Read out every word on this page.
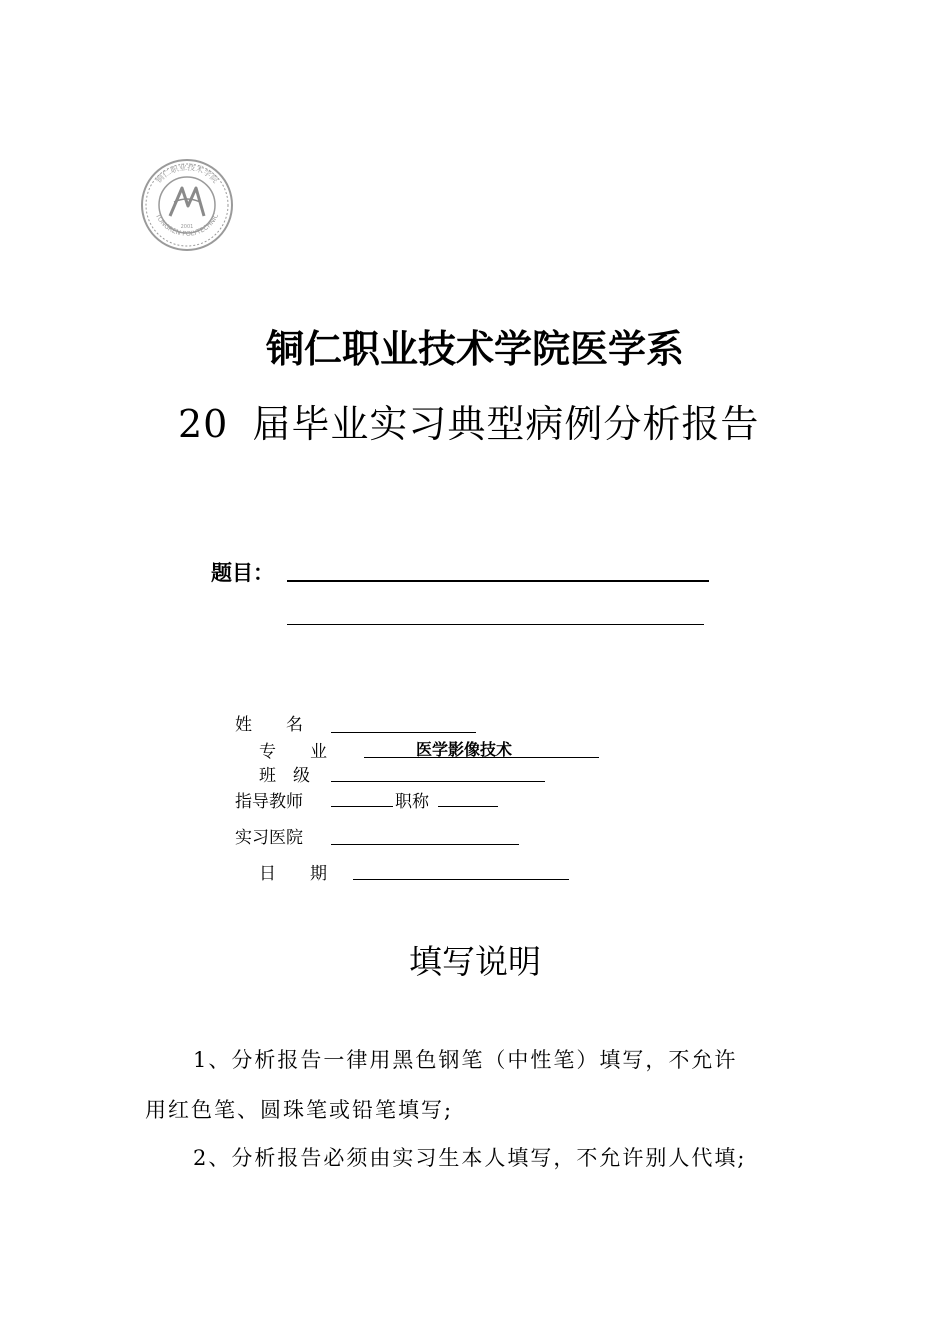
2001
铜仁职业技术学院
TONGREN POLYTECHNIC
铜仁职业技术学院医学系
20 届毕业实习典型病例分析报告
题目：
姓　　名
专　　业	医学影像技术
班　级
指导教师	职称
实习医院
日　　期
填写说明
1、分析报告一律用黑色钢笔（中性笔）填写，不允许
用红色笔、圆珠笔或铅笔填写;
2、分析报告必须由实习生本人填写，不允许别人代填;
